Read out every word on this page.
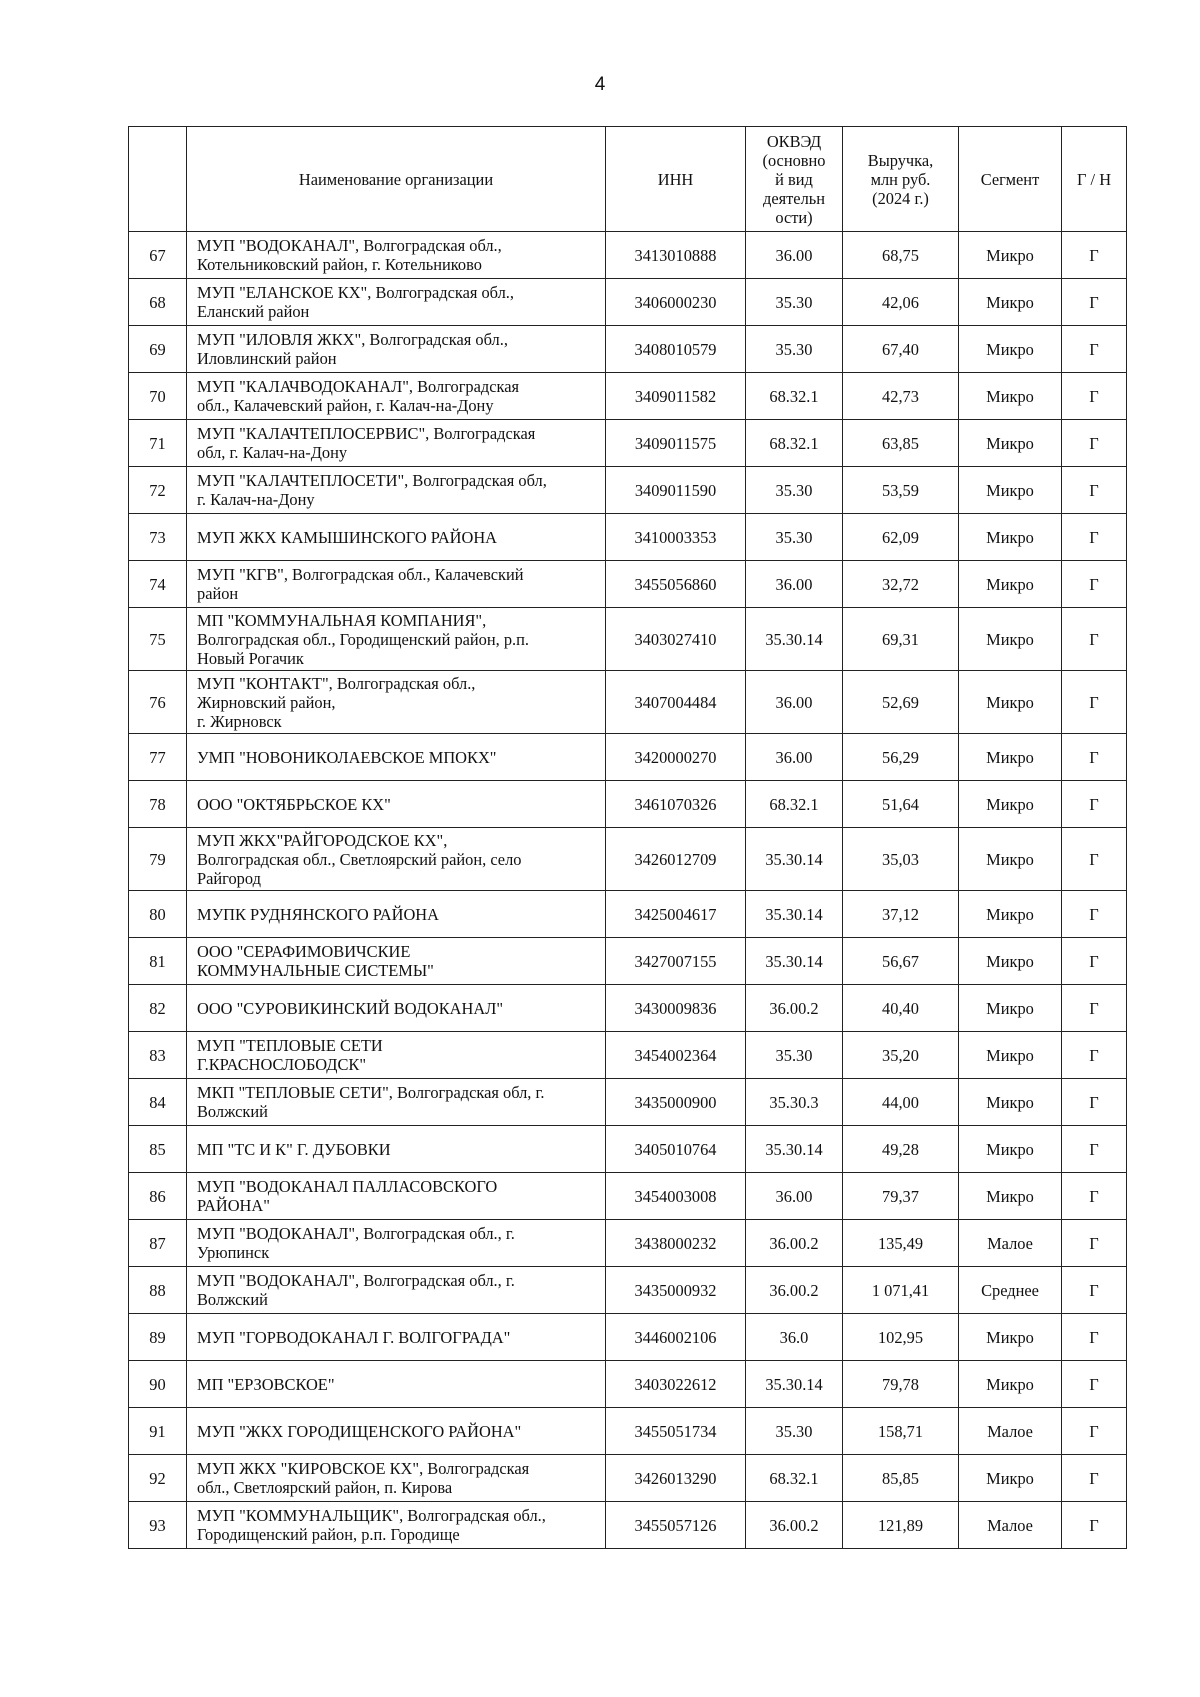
4
	Наименование организации	ИНН	ОКВЭД
(основно
й вид
деятельн
ости)	Выручка,
млн руб.
(2024 г.)	Сегмент	Г / Н
67	МУП "ВОДОКАНАЛ", Волгоградская обл.,
Котельниковский район, г. Котельниково	3413010888	36.00	68,75	Микро	Г
68	МУП "ЕЛАНСКОЕ КХ", Волгоградская обл.,
Еланский район	3406000230	35.30	42,06	Микро	Г
69	МУП "ИЛОВЛЯ ЖКХ", Волгоградская обл.,
Иловлинский район	3408010579	35.30	67,40	Микро	Г
70	МУП "КАЛАЧВОДОКАНАЛ", Волгоградская
обл., Калачевский район, г. Калач-на-Дону	3409011582	68.32.1	42,73	Микро	Г
71	МУП "КАЛАЧТЕПЛОСЕРВИС", Волгоградская
обл, г. Калач-на-Дону	3409011575	68.32.1	63,85	Микро	Г
72	МУП "КАЛАЧТЕПЛОСЕТИ", Волгоградская обл,
г. Калач-на-Дону	3409011590	35.30	53,59	Микро	Г
73	МУП ЖКХ КАМЫШИНСКОГО РАЙОНА	3410003353	35.30	62,09	Микро	Г
74	МУП "КГВ", Волгоградская обл., Калачевский
район	3455056860	36.00	32,72	Микро	Г
75	МП "КОММУНАЛЬНАЯ КОМПАНИЯ",
Волгоградская обл., Городищенский район, р.п.
Новый Рогачик	3403027410	35.30.14	69,31	Микро	Г
76	МУП "КОНТАКТ", Волгоградская обл.,
Жирновский район,
г. Жирновск	3407004484	36.00	52,69	Микро	Г
77	УМП "НОВОНИКОЛАЕВСКОЕ МПОКХ"	3420000270	36.00	56,29	Микро	Г
78	ООО "ОКТЯБРЬСКОЕ КХ"	3461070326	68.32.1	51,64	Микро	Г
79	МУП ЖКХ"РАЙГОРОДСКОЕ КХ",
Волгоградская обл., Светлоярский район, село
Райгород	3426012709	35.30.14	35,03	Микро	Г
80	МУПК РУДНЯНСКОГО РАЙОНА	3425004617	35.30.14	37,12	Микро	Г
81	ООО "СЕРАФИМОВИЧСКИЕ
КОММУНАЛЬНЫЕ СИСТЕМЫ"	3427007155	35.30.14	56,67	Микро	Г
82	ООО "СУРОВИКИНСКИЙ ВОДОКАНАЛ"	3430009836	36.00.2	40,40	Микро	Г
83	МУП "ТЕПЛОВЫЕ СЕТИ
Г.КРАСНОСЛОБОДСК"	3454002364	35.30	35,20	Микро	Г
84	МКП "ТЕПЛОВЫЕ СЕТИ", Волгоградская обл, г.
Волжский	3435000900	35.30.3	44,00	Микро	Г
85	МП "ТС И К" Г. ДУБОВКИ	3405010764	35.30.14	49,28	Микро	Г
86	МУП "ВОДОКАНАЛ ПАЛЛАСОВСКОГО
РАЙОНА"	3454003008	36.00	79,37	Микро	Г
87	МУП "ВОДОКАНАЛ", Волгоградская обл., г.
Урюпинск	3438000232	36.00.2	135,49	Малое	Г
88	МУП "ВОДОКАНАЛ", Волгоградская обл., г.
Волжский	3435000932	36.00.2	1 071,41	Среднее	Г
89	МУП "ГОРВОДОКАНАЛ Г. ВОЛГОГРАДА"	3446002106	36.0	102,95	Микро	Г
90	МП "ЕРЗОВСКОЕ"	3403022612	35.30.14	79,78	Микро	Г
91	МУП "ЖКХ ГОРОДИЩЕНСКОГО РАЙОНА"	3455051734	35.30	158,71	Малое	Г
92	МУП ЖКХ "КИРОВСКОЕ КХ", Волгоградская
обл., Светлоярский район, п. Кирова	3426013290	68.32.1	85,85	Микро	Г
93	МУП "КОММУНАЛЬЩИК", Волгоградская обл.,
Городищенский район, р.п. Городище	3455057126	36.00.2	121,89	Малое	Г
